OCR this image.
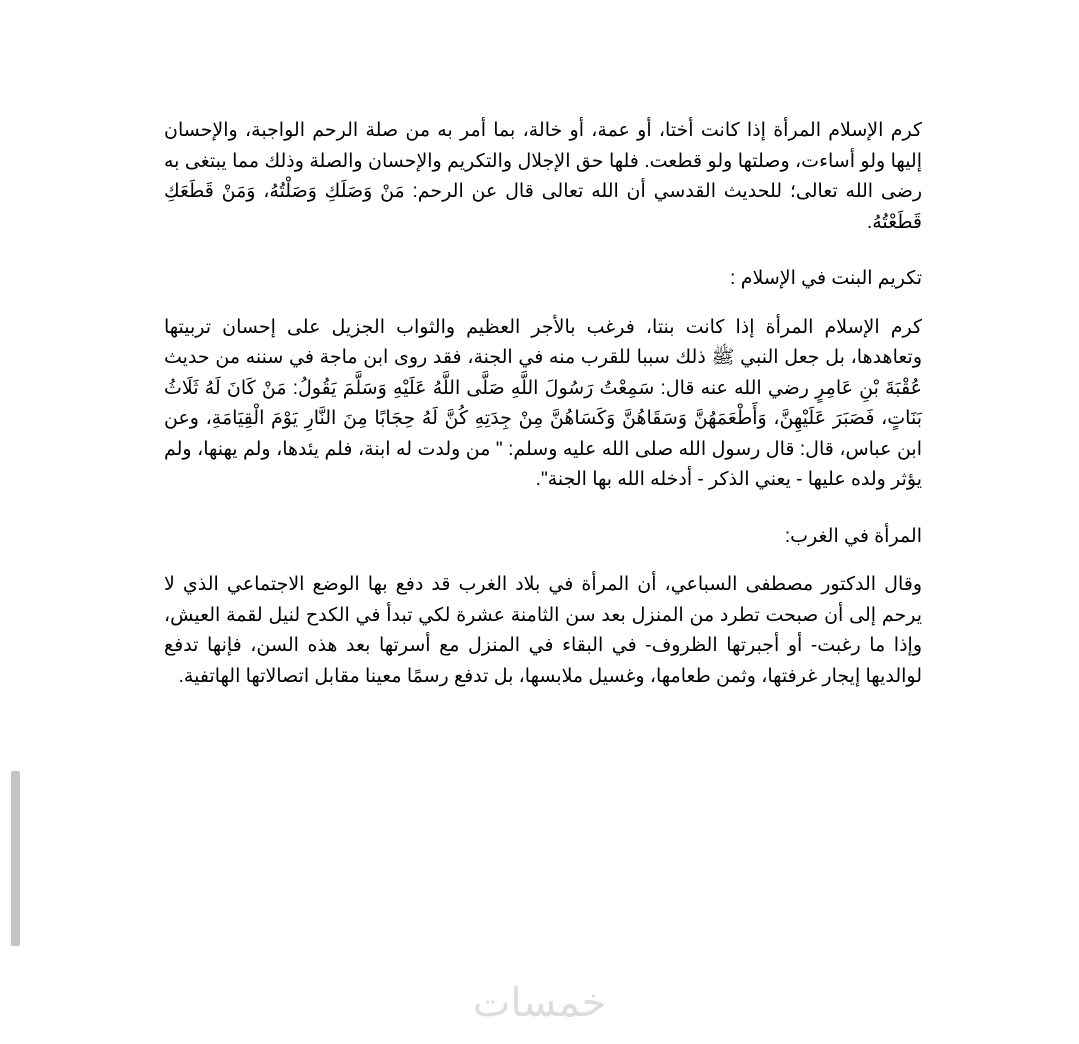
كرم الإسلام المرأة إذا كانت أختا، أو عمة، أو خالة، بما أمر به من صلة الرحم الواجبة، والإحسان إليها ولو أساءت، وصلتها ولو قطعت. فلها حق الإجلال والتكريم والإحسان والصلة وذلك مما يبتغى به رضى الله تعالى؛ للحديث القدسي أن الله تعالى قال عن الرحم: مَنْ وَصَلَكِ وَصَلْتُهُ، وَمَنْ قَطَعَكِ قَطَعْتُهُ.

تكريم البنت في الإسلام :

كرم الإسلام المرأة إذا كانت بنتا، فرغب بالأجر العظيم والثواب الجزيل على إحسان تربيتها وتعاهدها، بل جعل النبي ﷺ ذلك سببا للقرب منه في الجنة، فقد روى ابن ماجة في سننه من حديث عُقْبَةَ بْنِ عَامِرٍ رضي الله عنه قال: سَمِعْتُ رَسُولَ اللَّهِ صَلَّى اللَّهُ عَلَيْهِ وَسَلَّمَ يَقُولُ: مَنْ كَانَ لَهُ ثَلَاثُ بَنَاتٍ، فَصَبَرَ عَلَيْهِنَّ، وَأَطْعَمَهُنَّ وَسَقَاهُنَّ وَكَسَاهُنَّ مِنْ جِدَتِهِ كُنَّ لَهُ حِجَابًا مِنَ النَّارِ يَوْمَ الْقِيَامَةِ، وعن ابن عباس، قال: قال رسول الله صلى الله عليه وسلم: " من ولدت له ابنة، فلم يئدها، ولم يهنها، ولم يؤثر ولده عليها - يعني الذكر - أدخله الله بها الجنة".

المرأة في الغرب:

وقال الدكتور مصطفى السباعي، أن المرأة في بلاد الغرب قد دفع بها الوضع الاجتماعي الذي لا يرحم إلى أن صبحت تطرد من المنزل بعد سن الثامنة عشرة لكي تبدأ في الكدح لنيل لقمة العيش، وإذا ما رغبت- أو أجبرتها الظروف- في البقاء في المنزل مع أسرتها بعد هذه السن، فإنها تدفع لوالديها إيجار غرفتها، وثمن طعامها، وغسيل ملابسها، بل تدفع رسمًا معينا مقابل اتصالاتها الهاتفية.

خمسات
